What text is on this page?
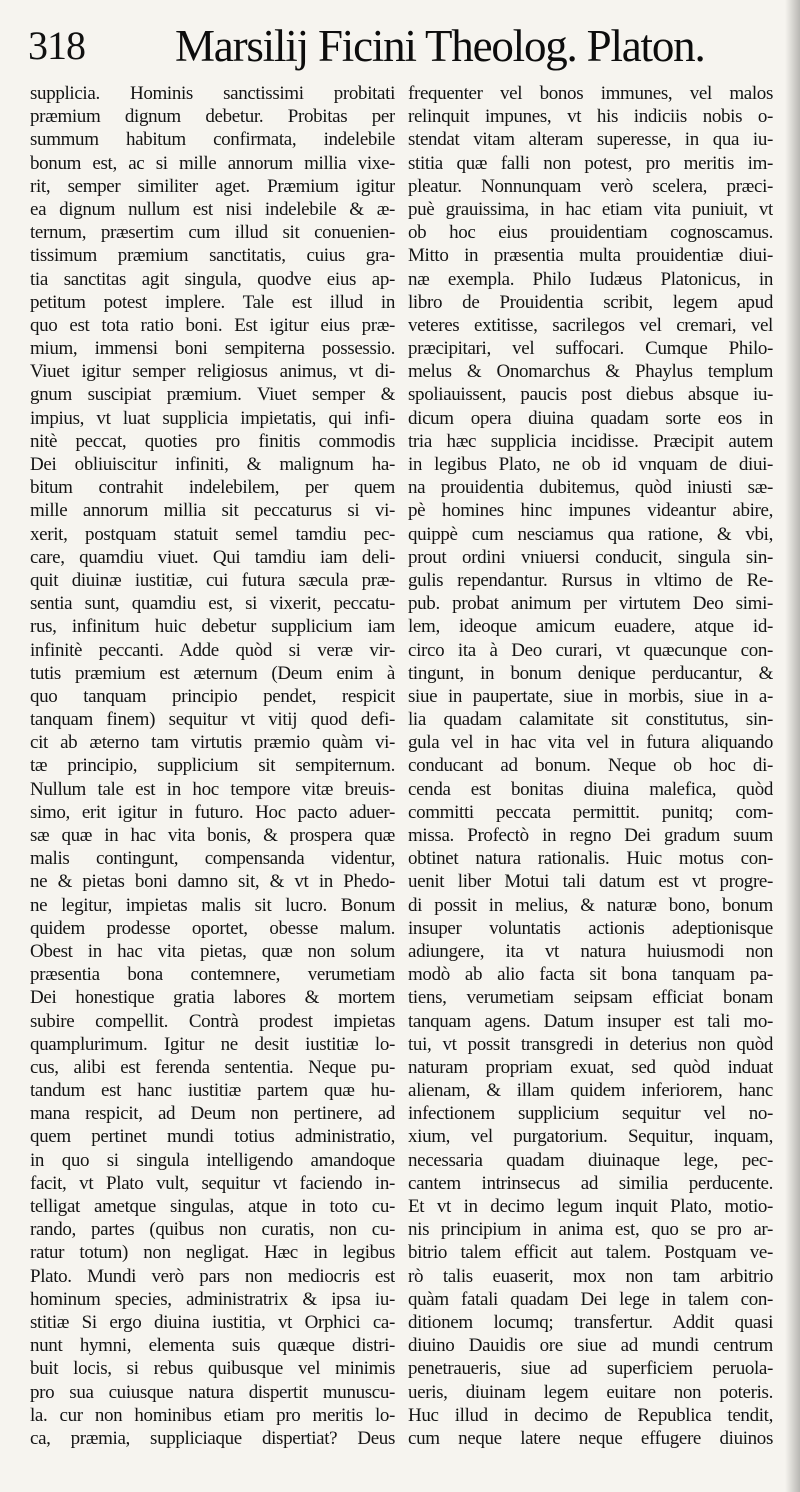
318 Marsilij Ficini Theolog. Platon.
supplicia. Hominis sanctissimi probitati
præmium dignum debetur. Probitas per
summum habitum confirmata, indelebile
bonum est, ac si mille annorum millia vixe-
rit, semper similiter aget. Præmium igitur
ea dignum nullum est nisi indelebile & æ-
ternum, præsertim cum illud sit conuenien-
tissimum præmium sanctitatis, cuius gra-
tia sanctitas agit singula, quodve eius ap-
petitum potest implere. Tale est illud in
quo est tota ratio boni. Est igitur eius præ-
mium, immensi boni sempiterna possessio.
Viuet igitur semper religiosus animus, vt di-
gnum suscipiat præmium. Viuet semper &
impius, vt luat supplicia impietatis, qui infi-
nitè peccat, quoties pro finitis commodis
Dei obliuiscitur infiniti, & malignum ha-
bitum contrahit indelebilem, per quem
mille annorum millia sit peccaturus si vi-
xerit, postquam statuit semel tamdiu pec-
care, quamdiu viuet. Qui tamdiu iam deli-
quit diuinæ iustitiæ, cui futura sæcula præ-
sentia sunt, quamdiu est, si vixerit, peccatu-
rus, infinitum huic debetur supplicium iam
infinitè peccanti. Adde quòd si veræ vir-
tutis præmium est æternum (Deum enim à
quo tanquam principio pendet, respicit
tanquam finem) sequitur vt vitij quod defi-
cit ab æterno tam virtutis præmio quàm vi-
tæ principio, supplicium sit sempiternum.
Nullum tale est in hoc tempore vitæ breuis-
simo, erit igitur in futuro. Hoc pacto aduer-
sæ quæ in hac vita bonis, & prospera quæ
malis contingunt, compensanda videntur,
ne & pietas boni damno sit, & vt in Phedo-
ne legitur, impietas malis sit lucro. Bonum
quidem prodesse oportet, obesse malum.
Obest in hac vita pietas, quæ non solum
præsentia bona contemnere, verumetiam
Dei honestique gratia labores & mortem
subire compellit. Contrà prodest impietas
quamplurimum. Igitur ne desit iustitiæ lo-
cus, alibi est ferenda sententia. Neque pu-
tandum est hanc iustitiæ partem quæ hu-
mana respicit, ad Deum non pertinere, ad
quem pertinet mundi totius administratio,
in quo si singula intelligendo amandoque
facit, vt Plato vult, sequitur vt faciendo in-
telligat ametque singulas, atque in toto cu-
rando, partes (quibus non curatis, non cu-
ratur totum) non negligat. Hæc in legibus
Plato. Mundi verò pars non mediocris est
hominum species, administratrix & ipsa iu-
stitiæ Si ergo diuina iustitia, vt Orphici ca-
nunt hymni, elementa suis quæque distri-
buit locis, si rebus quibusque vel minimis
pro sua cuiusque natura dispertit munuscu-
la. cur non hominibus etiam pro meritis lo-
ca, præmia, suppliciaque dispertiat? Deus
frequenter vel bonos immunes, vel malos
relinquit impunes, vt his indiciis nobis o-
stendat vitam alteram superesse, in qua iu-
stitia quæ falli non potest, pro meritis im-
pleatur. Nonnunquam verò scelera, præci-
puè grauissima, in hac etiam vita puniuit, vt
ob hoc eius prouidentiam cognoscamus.
Mitto in præsentia multa prouidentiæ diui-
næ exempla. Philo Iudæus Platonicus, in
libro de Prouidentia scribit, legem apud
veteres extitisse, sacrilegos vel cremari, vel
præcipitari, vel suffocari. Cumque Philo-
melus & Onomarchus & Phaylus templum
spoliauissent, paucis post diebus absque iu-
dicum opera diuina quadam sorte eos in
tria hæc supplicia incidisse. Præcipit autem
in legibus Plato, ne ob id vnquam de diui-
na prouidentia dubitemus, quòd iniusti sæ-
pè homines hinc impunes videantur abire,
quippè cum nesciamus qua ratione, & vbi,
prout ordini vniuersi conducit, singula sin-
gulis rependantur. Rursus in vltimo de Re-
pub. probat animum per virtutem Deo simi-
lem, ideoque amicum euadere, atque id-
circo ita à Deo curari, vt quæcunque con-
tingunt, in bonum denique perducantur, &
siue in paupertate, siue in morbis, siue in a-
lia quadam calamitate sit constitutus, sin-
gula vel in hac vita vel in futura aliquando
conducant ad bonum. Neque ob hoc di-
cenda est bonitas diuina malefica, quòd
committi peccata permittit. punitq; com-
missa. Profectò in regno Dei gradum suum
obtinet natura rationalis. Huic motus con-
uenit liber Motui tali datum est vt progre-
di possit in melius, & naturæ bono, bonum
insuper voluntatis actionis adeptionisque
adiungere, ita vt natura huiusmodi non
modò ab alio facta sit bona tanquam pa-
tiens, verumetiam seipsam efficiat bonam
tanquam agens. Datum insuper est tali mo-
tui, vt possit transgredi in deterius non quòd
naturam propriam exuat, sed quòd induat
alienam, & illam quidem inferiorem, hanc
infectionem supplicium sequitur vel no-
xium, vel purgatorium. Sequitur, inquam,
necessaria quadam diuinaque lege, pec-
cantem intrinsecus ad similia perducente.
Et vt in decimo legum inquit Plato, motio-
nis principium in anima est, quo se pro ar-
bitrio talem efficit aut talem. Postquam ve-
rò talis euaserit, mox non tam arbitrio
quàm fatali quadam Dei lege in talem con-
ditionem locumq; transfertur. Addit quasi
diuino Dauidis ore siue ad mundi centrum
penetraueris, siue ad superficiem peruola-
ueris, diuinam legem euitare non poteris.
Huc illud in decimo de Republica tendit,
cum neque latere neque effugere diuinos
